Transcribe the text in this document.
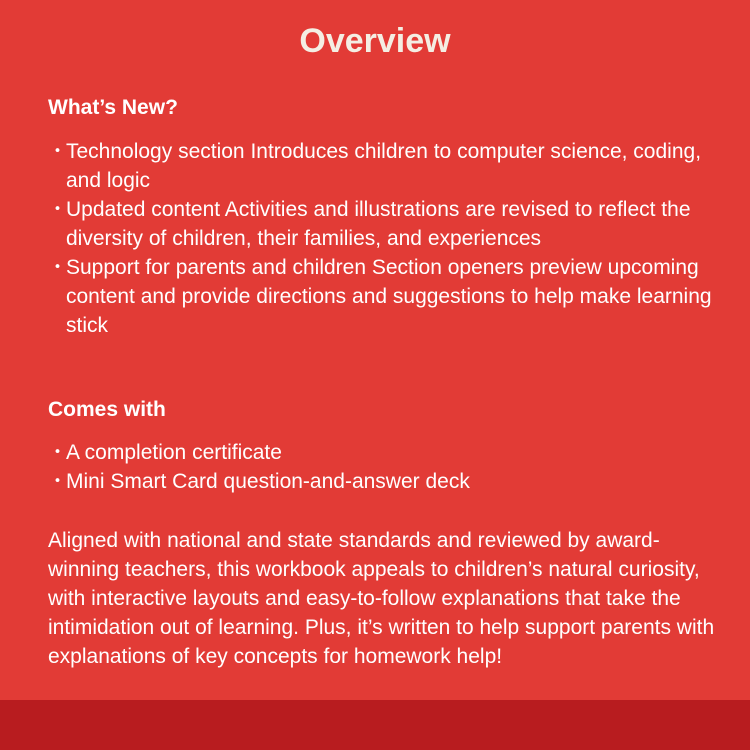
Overview
What’s New?
・
Technology section Introduces children to computer science, coding, and logic
・
Updated content Activities and illustrations are revised to reflect the diversity of children, their families, and experiences
・
Support for parents and children Section openers preview upcoming content and provide directions and suggestions to help make learning stick
Comes with
・
A completion certificate
・
Mini Smart Card question-and-answer deck

Aligned with national and state standards and reviewed by award-winning teachers, this workbook appeals to children’s natural curiosity, with interactive layouts and easy-to-follow explanations that take the intimidation out of learning. Plus, it’s written to help support parents with explanations of key concepts for homework help!
